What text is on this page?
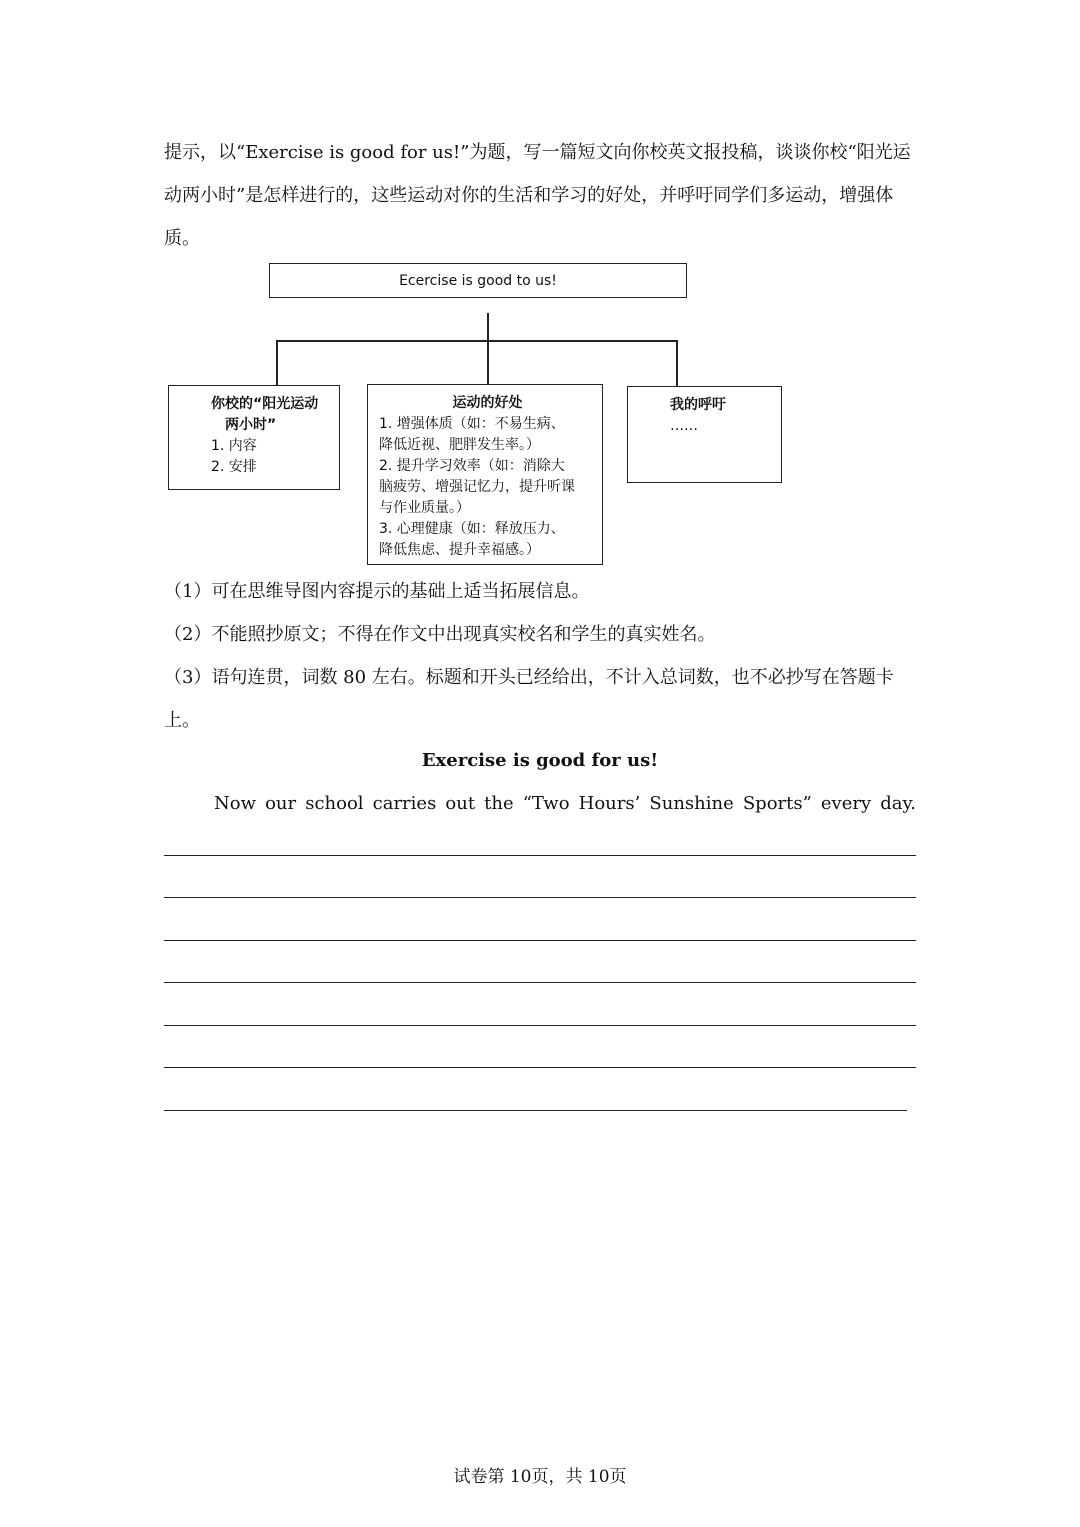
提示，以“Exercise is good for us!”为题，写一篇短文向你校英文报投稿，谈谈你校“阳光运动两小时”是怎样进行的，这些运动对你的生活和学习的好处，并呼吁同学们多运动，增强体质。

Ecercise is good to us!
你校的“阳光运动
两小时”
1. 内容
2. 安排
运动的好处
1. 增强体质（如：不易生病、
降低近视、肥胖发生率。）
2. 提升学习效率（如：消除大
脑疲劳、增强记忆力，提升听课
与作业质量。）
3. 心理健康（如：释放压力、
降低焦虑、提升幸福感。）
我的呼吁
……

（1）可在思维导图内容提示的基础上适当拓展信息。

（2）不能照抄原文；不得在作文中出现真实校名和学生的真实姓名。

（3）语句连贯，词数 80 左右。标题和开头已经给出，不计入总词数，也不必抄写在答题卡上。

Exercise is good for us!

Now our school carries out the “Two Hours’ Sunshine Sports” every day.

试卷第 10页，共 10页
